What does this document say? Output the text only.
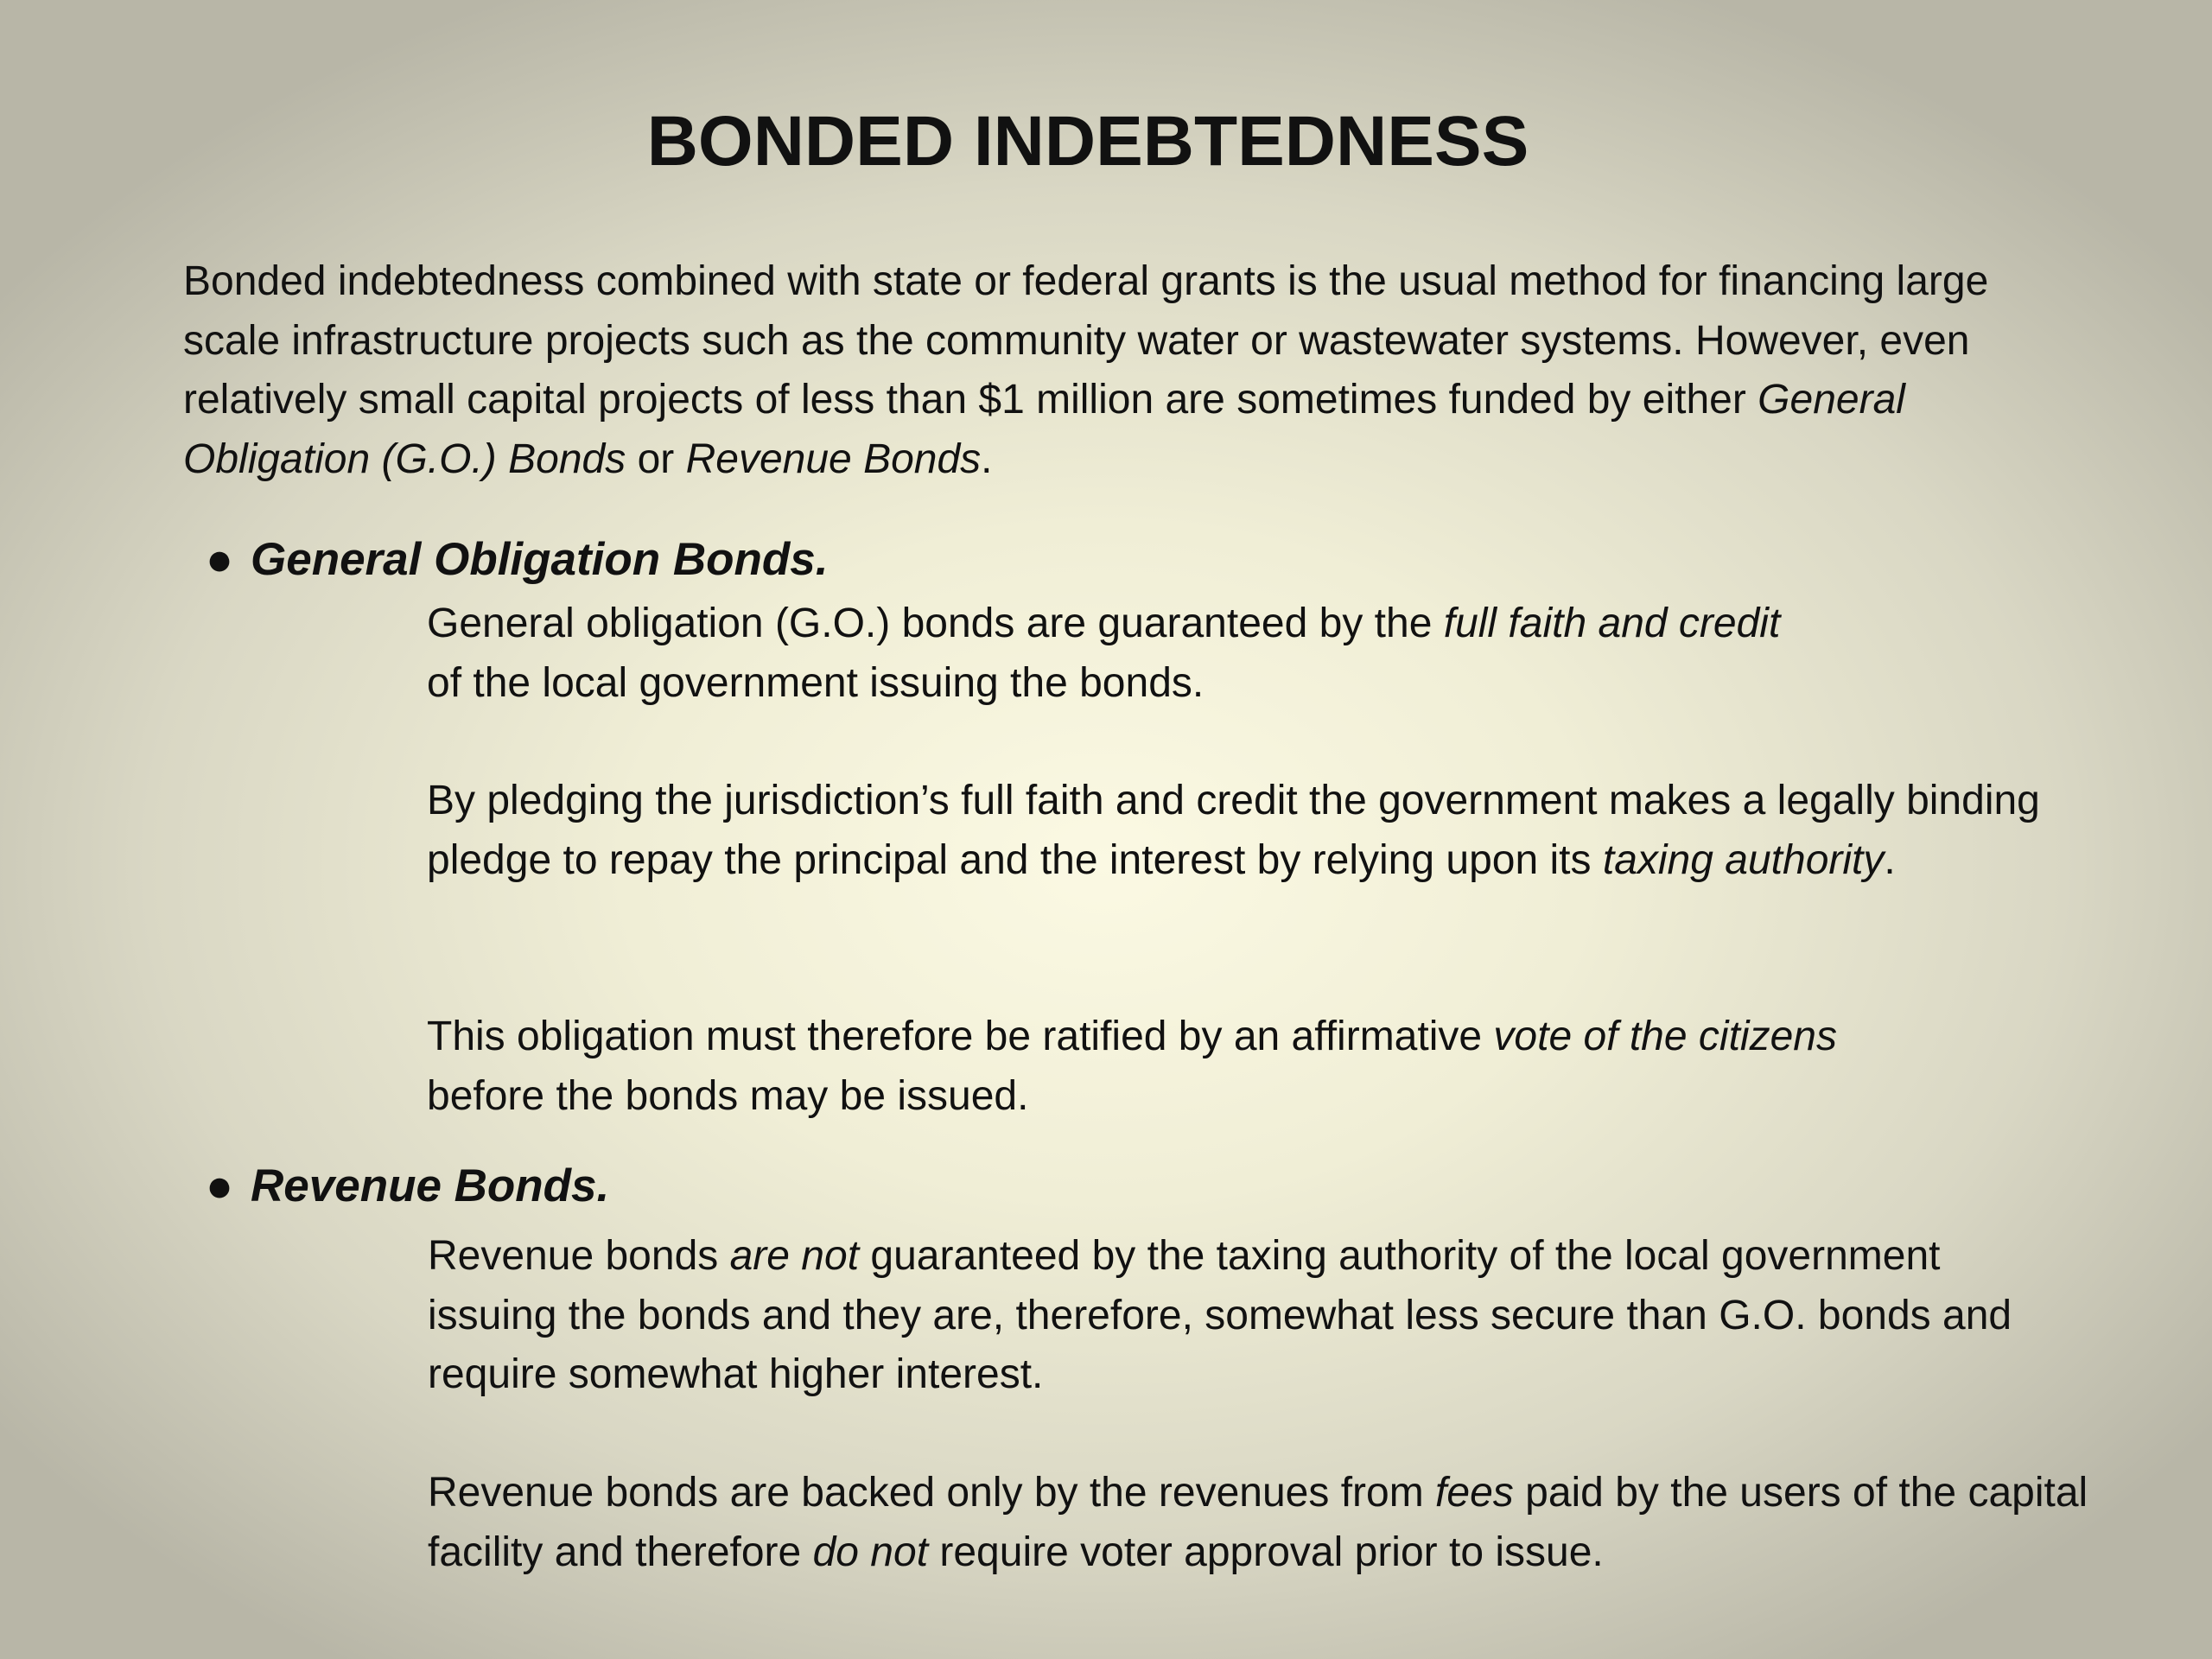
BONDED INDEBTEDNESS
Bonded indebtedness combined with state or federal grants is the usual method for financing large scale infrastructure projects such as the community water or wastewater systems. However, even relatively small capital projects of less than $1 million are sometimes funded by either General Obligation (G.O.) Bonds or Revenue Bonds.
● General Obligation Bonds.
General obligation (G.O.) bonds are guaranteed by the full faith and credit of the local government issuing the bonds.
By pledging the jurisdiction’s full faith and credit the government makes a legally binding pledge to repay the principal and the interest by relying upon its taxing authority.
This obligation must therefore be ratified by an affirmative vote of the citizens before the bonds may be issued.
● Revenue Bonds.
Revenue bonds are not guaranteed by the taxing authority of the local government issuing the bonds and they are, therefore, somewhat less secure than G.O. bonds and require somewhat higher interest.
Revenue bonds are backed only by the revenues from fees paid by the users of the capital facility and therefore do not require voter approval prior to issue.
